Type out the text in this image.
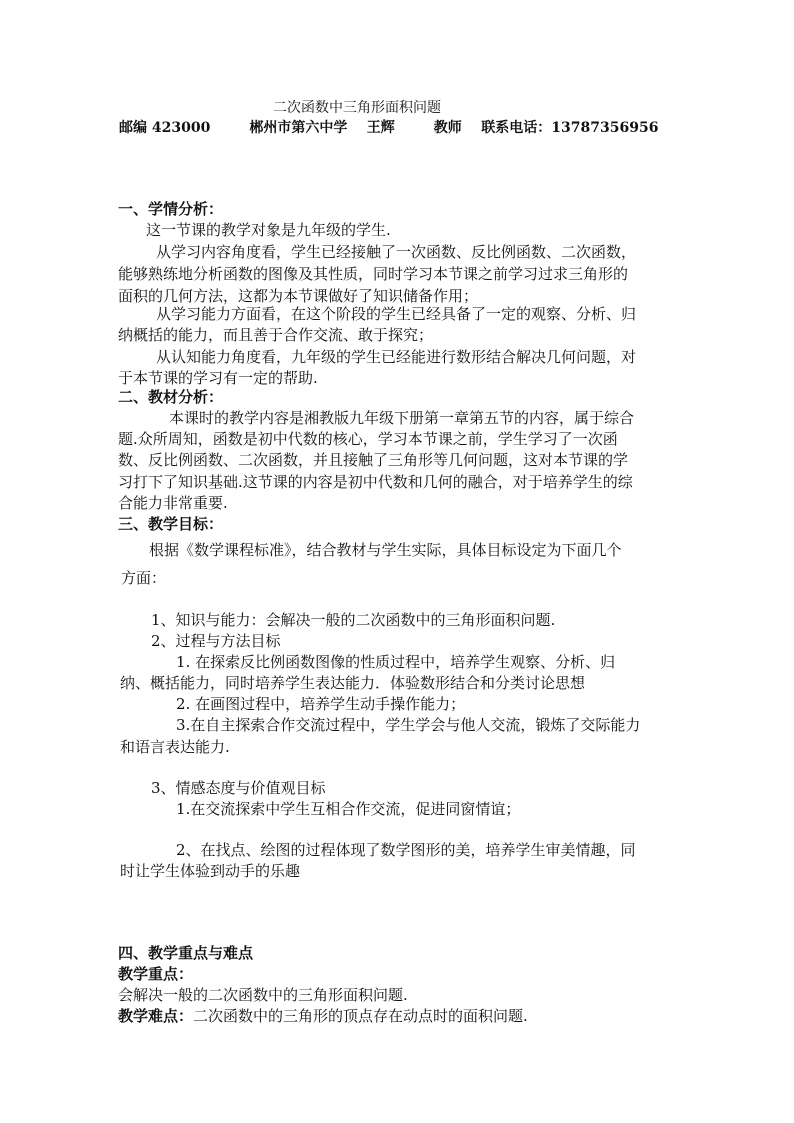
二次函数中三角形面积问题
邮编 423000        郴州市第六中学    王辉        教师    联系电话：13787356956
一、学情分析：
这一节课的教学对象是九年级的学生.
从学习内容角度看，学生已经接触了一次函数、反比例函数、二次函数，
能够熟练地分析函数的图像及其性质，同时学习本节课之前学习过求三角形的
面积的几何方法，这都为本节课做好了知识储备作用；
从学习能力方面看，在这个阶段的学生已经具备了一定的观察、分析、归
纳概括的能力，而且善于合作交流、敢于探究；
从认知能力角度看，九年级的学生已经能进行数形结合解决几何问题，对
于本节课的学习有一定的帮助.
二、教材分析：
本课时的教学内容是湘教版九年级下册第一章第五节的内容，属于综合
题.众所周知，函数是初中代数的核心，学习本节课之前，学生学习了一次函
数、反比例函数、二次函数，并且接触了三角形等几何问题，这对本节课的学
习打下了知识基础.这节课的内容是初中代数和几何的融合，对于培养学生的综
合能力非常重要.
三、教学目标：
根据《数学课程标准》，结合教材与学生实际，具体目标设定为下面几个
方面：
1、知识与能力：会解决一般的二次函数中的三角形面积问题.
2、过程与方法目标
1. 在探索反比例函数图像的性质过程中，培养学生观察、分析、归
纳、概括能力，同时培养学生表达能力．体验数形结合和分类讨论思想
2. 在画图过程中，培养学生动手操作能力；
3.在自主探索合作交流过程中，学生学会与他人交流，锻炼了交际能力
和语言表达能力.
3、情感态度与价值观目标
1.在交流探索中学生互相合作交流，促进同窗情谊；
2、在找点、绘图的过程体现了数学图形的美，培养学生审美情趣，同
时让学生体验到动手的乐趣
四、教学重点与难点
教学重点：
会解决一般的二次函数中的三角形面积问题.
教学难点：二次函数中的三角形的顶点存在动点时的面积问题.
